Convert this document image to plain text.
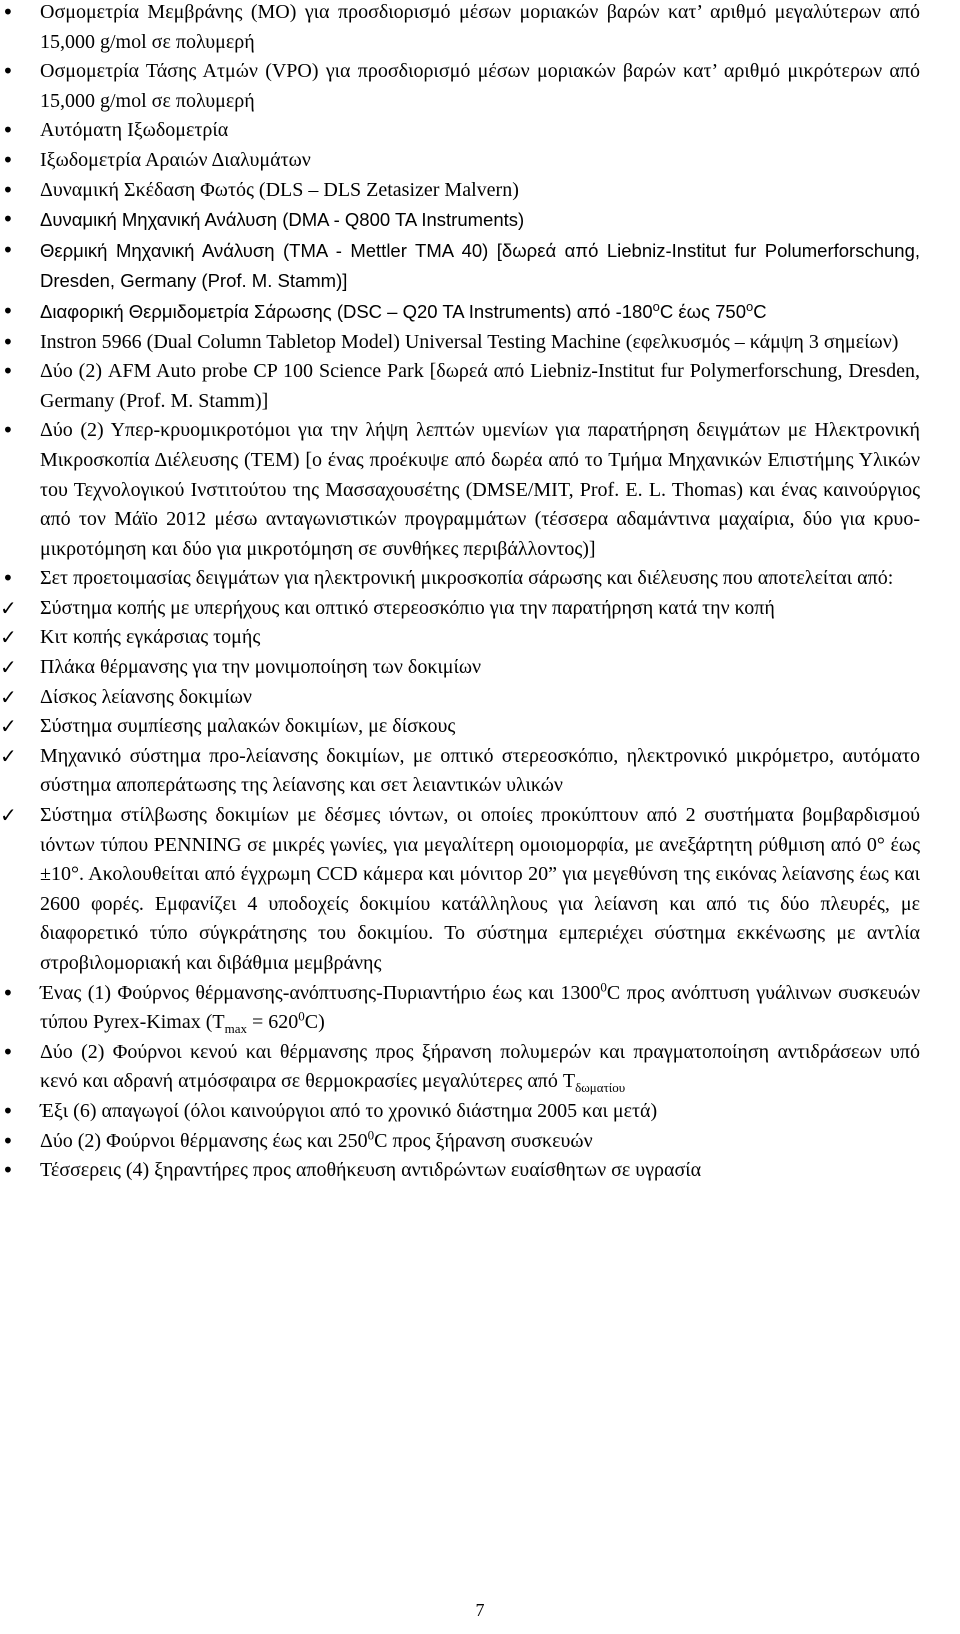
• Οσμομετρία Μεμβράνης (ΜΟ) για προσδιορισμό μέσων μοριακών βαρών κατ’ αριθμό μεγαλύτερων από 15,000 g/mol σε πολυμερή
• Οσμομετρία Τάσης Ατμών (VPO) για προσδιορισμό μέσων μοριακών βαρών κατ’ αριθμό μικρότερων από 15,000 g/mol σε πολυμερή
• Αυτόματη Ιξωδομετρία
• Ιξωδομετρία Αραιών Διαλυμάτων
• Δυναμική Σκέδαση Φωτός (DLS – DLS Zetasizer Malvern)
• Δυναμική Μηχανική Ανάλυση (DMA - Q800 TA Instruments)
• Θερμική Μηχανική Ανάλυση (TMA - Mettler TMA 40) [δωρεά από Liebniz-Institut fur Polumerforschung, Dresden, Germany (Prof. M. Stamm)]
• Διαφορική Θερμιδομετρία Σάρωσης (DSC – Q20 TA Instruments) από -180$^o$C έως 750$^o$C
• Instron 5966 (Dual Column Tabletop Model) Universal Testing Machine (εφελκυσμός – κάμψη 3 σημείων)
• Δύο (2) AFM Auto probe CP 100 Science Park [δωρεά από Liebniz-Institut fur Polymerforschung, Dresden, Germany (Prof. M. Stamm)]
• Δύο (2) Υπερ-κρυομικροτόμοι για την λήψη λεπτών υμενίων για παρατήρηση δειγμάτων με Ηλεκτρονική Μικροσκοπία Διέλευσης (TEM) [ο ένας προέκυψε από δωρέα από το Τμήμα Μηχανικών Επιστήμης Υλικών του Τεχνολογικού Ινστιτούτου της Μασσαχουσέτης (DMSE/MIT, Prof. E. L. Thomas) και ένας καινούργιος από τον Μάϊο 2012 μέσω ανταγωνιστικών προγραμμάτων (τέσσερα αδαμάντινα μαχαίρια, δύο για κρυο-μικροτόμηση και δύο για μικροτόμηση σε συνθήκες περιβάλλοντος)]
• Σετ προετοιμασίας δειγμάτων για ηλεκτρονική μικροσκοπία σάρωσης και διέλευσης που αποτελείται από:
✓ Σύστημα κοπής με υπερήχους και οπτικό στερεοσκόπιο για την παρατήρηση κατά την κοπή
✓ Κιτ κοπής εγκάρσιας τομής
✓ Πλάκα θέρμανσης για την μονιμοποίηση των δοκιμίων
✓ Δίσκος λείανσης δοκιμίων
✓ Σύστημα συμπίεσης μαλακών δοκιμίων, με δίσκους
✓ Μηχανικό σύστημα προ-λείανσης δοκιμίων, με οπτικό στερεοσκόπιο, ηλεκτρονικό μικρόμετρο, αυτόματο σύστημα αποπεράτωσης της λείανσης και σετ λειαντικών υλικών
✓ Σύστημα στίλβωσης δοκιμίων με δέσμες ιόντων, οι οποίες προκύπτουν από 2 συστήματα βομβαρδισμού ιόντων τύπου PENNING σε μικρές γωνίες, για μεγαλίτερη ομοιομορφία, με ανεξάρτητη ρύθμιση από 0° έως ±10°. Ακολουθείται από έγχρωμη CCD κάμερα και μόνιτορ 20” για μεγεθύνση της εικόνας λείανσης έως και 2600 φορές. Εμφανίζει 4 υποδοχείς δοκιμίου κατάλληλους για λείανση και από τις δύο πλευρές, με διαφορετικό τύπο σύγκράτησης του δοκιμίου. Το σύστημα εμπεριέχει σύστημα εκκένωσης με αντλία στροβιλομοριακή και διβάθμια μεμβράνης
• Ένας (1) Φούρνος θέρμανσης-ανόπτυσης-Πυριαντήριο έως και 1300$^0$C προς ανόπτυση γυάλινων συσκευών τύπου Pyrex-Kimax $(T_{max} = 620^0C)$
• Δύο (2) Φούρνοι κενού και θέρμανσης προς ξήρανση πολυμερών και πραγματοποίηση αντιδράσεων υπό κενό και αδρανή ατμόσφαιρα σε θερμοκρασίες μεγαλύτερες από $T_{\delta\omega\mu\alpha\tau ίo\upsilon}$
• Έξι (6) απαγωγοί (όλοι καινούργιοι από το χρονικό διάστημα 2005 και μετά)
• Δύο (2) Φούρνοι θέρμανσης έως και $250^0C$ προς ξήρανση συσκευών
• Τέσσερεις (4) ξηραντήρες προς αποθήκευση αντιδρώντων ευαίσθητων σε υγρασία
7
